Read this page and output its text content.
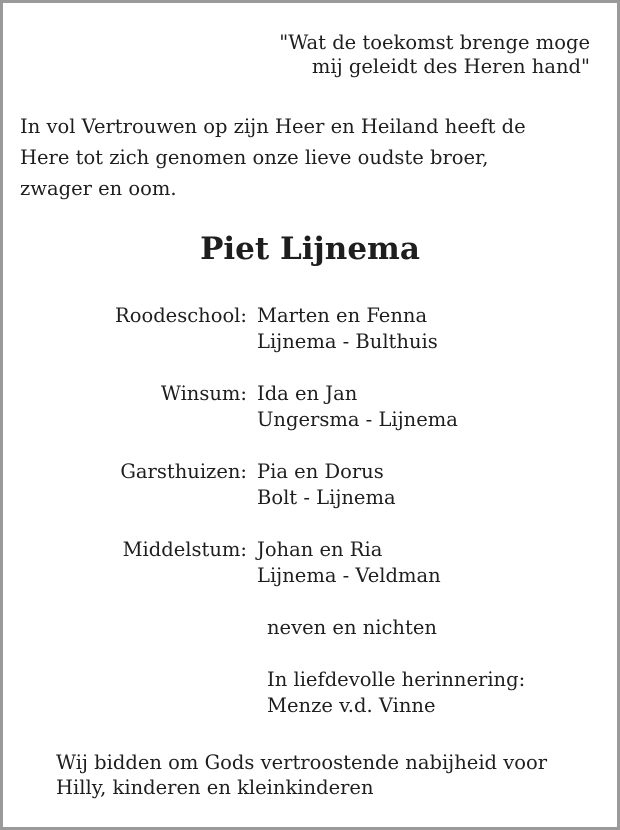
"Wat de toekomst brenge moge
mij geleidt des Heren hand"
In vol Vertrouwen op zijn Heer en Heiland heeft de
Here tot zich genomen onze lieve oudste broer,
zwager en oom.
Piet Lijnema
Roodeschool: Marten en Fenna
Lijnema - Bulthuis
Winsum: Ida en Jan
Ungersma - Lijnema
Garsthuizen: Pia en Dorus
Bolt - Lijnema
Middelstum: Johan en Ria
Lijnema - Veldman
neven en nichten
In liefdevolle herinnering:
Menze v.d. Vinne
Wij bidden om Gods vertroostende nabijheid voor
Hilly, kinderen en kleinkinderen
